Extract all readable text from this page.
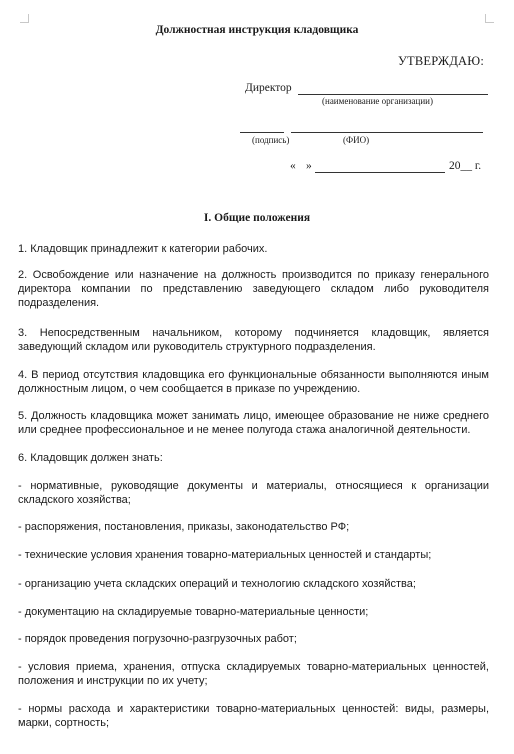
Должностная инструкция кладовщика
УТВЕРЖДАЮ:
Директор
(наименование организации)
(подпись)	(ФИО)
« »	20__ г.
I. Общие положения
1. Кладовщик принадлежит к категории рабочих.
2. Освобождение или назначение на должность производится по приказу генерального директора компании по представлению заведующего складом либо руководителя подразделения.
3. Непосредственным начальником, которому подчиняется кладовщик, является заведующий складом или руководитель структурного подразделения.
4. В период отсутствия кладовщика его функциональные обязанности выполняются иным должностным лицом, о чем сообщается в приказе по учреждению.
5. Должность кладовщика может занимать лицо, имеющее образование не ниже среднего или среднее профессиональное и не менее полугода стажа аналогичной деятельности.
6. Кладовщик должен знать:
- нормативные, руководящие документы и материалы, относящиеся к организации складского хозяйства;
- распоряжения, постановления, приказы, законодательство РФ;
- технические условия хранения товарно-материальных ценностей и стандарты;
- организацию учета складских операций и технологию складского хозяйства;
- документацию на складируемые товарно-материальные ценности;
- порядок проведения погрузочно-разгрузочных работ;
- условия приема, хранения, отпуска складируемых товарно-материальных ценностей, положения и инструкции по их учету;
- нормы расхода и характеристики товарно-материальных ценностей: виды, размеры, марки, сортность;
